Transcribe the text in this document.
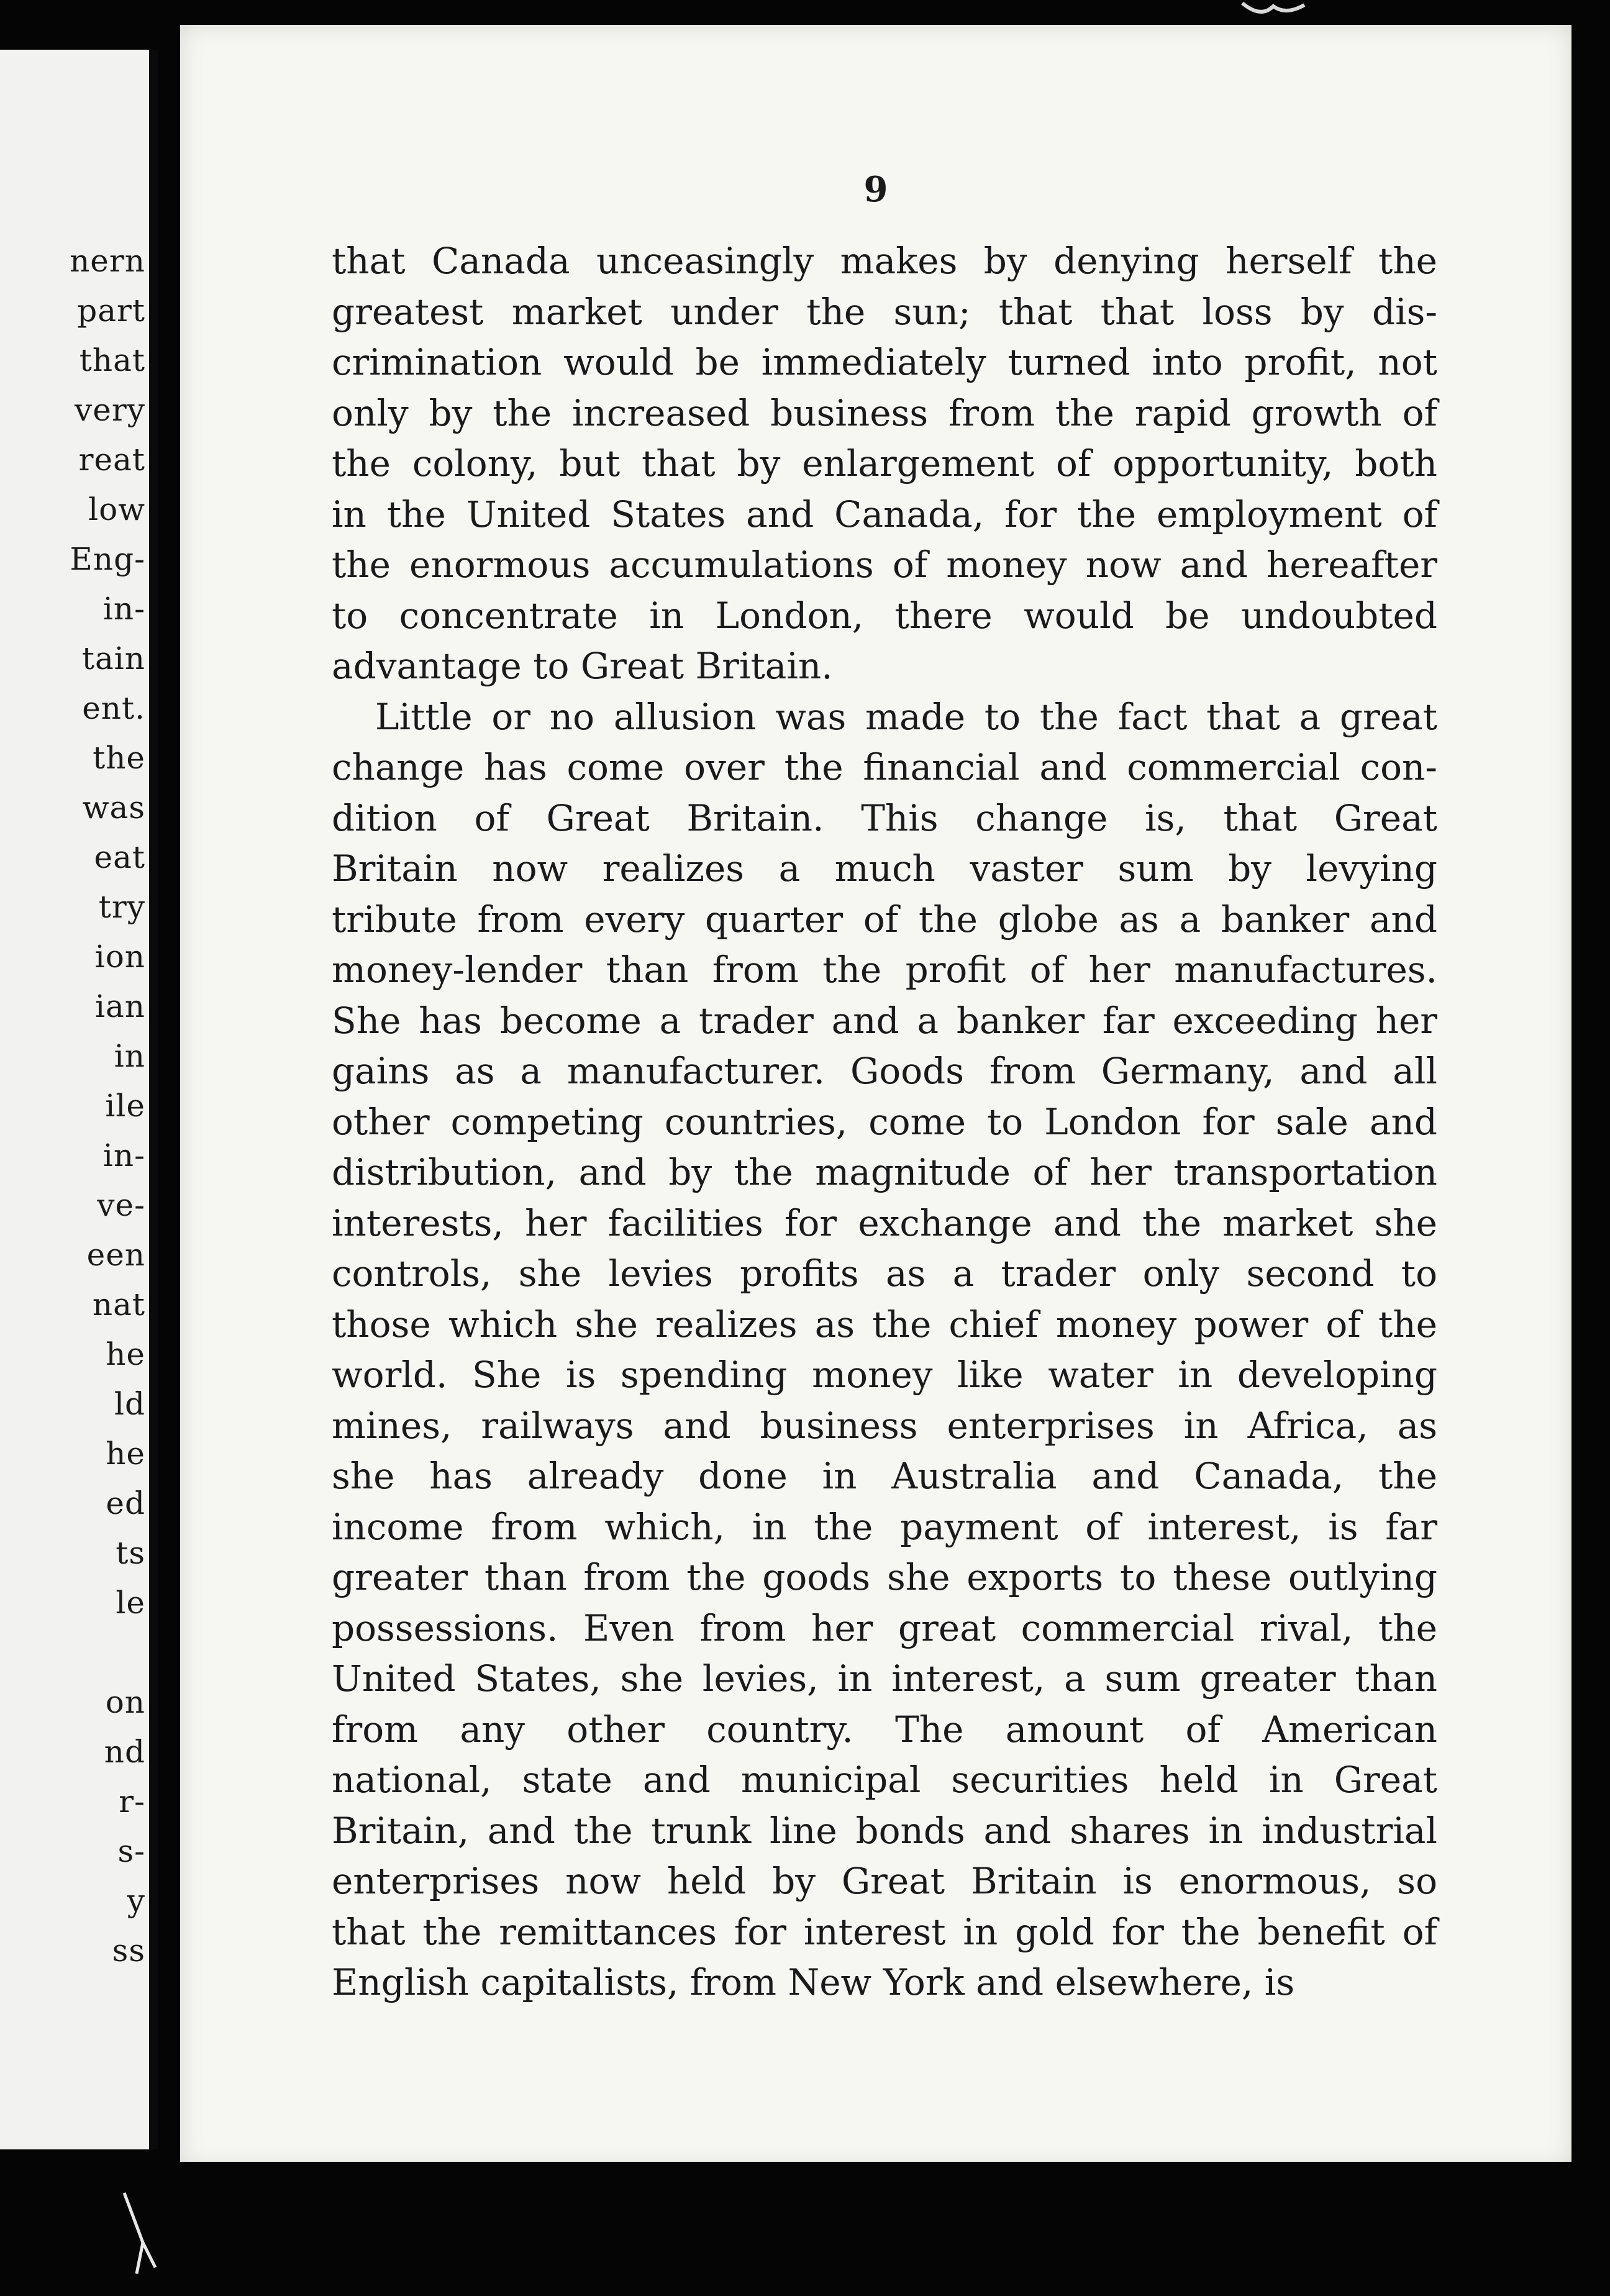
nern
part
that
very
reat
low
Eng-
in-
tain
ent.
the
was
eat
try
ion
ian
in
ile
in-
ve-
een
nat
he
ld
he
ed
ts
le

on
nd
r-
s-
y
ss
9

that Canada unceasingly makes by denying herself the
greatest market under the sun; that that loss by dis-
crimination would be immediately turned into profit, not
only by the increased business from the rapid growth of
the colony, but that by enlargement of opportunity, both
in the United States and Canada, for the employment of
the enormous accumulations of money now and hereafter
to concentrate in London, there would be undoubted
advantage to Great Britain.

Little or no allusion was made to the fact that a great
change has come over the financial and commercial con-
dition of Great Britain. This change is, that Great
Britain now realizes a much vaster sum by levying
tribute from every quarter of the globe as a banker and
money-lender than from the profit of her manufactures.
She has become a trader and a banker far exceeding her
gains as a manufacturer. Goods from Germany, and all
other competing countries, come to London for sale and
distribution, and by the magnitude of her transportation
interests, her facilities for exchange and the market she
controls, she levies profits as a trader only second to
those which she realizes as the chief money power of the
world. She is spending money like water in developing
mines, railways and business enterprises in Africa, as
she has already done in Australia and Canada, the
income from which, in the payment of interest, is far
greater than from the goods she exports to these outlying
possessions. Even from her great commercial rival, the
United States, she levies, in interest, a sum greater than
from any other country. The amount of American
national, state and municipal securities held in Great
Britain, and the trunk line bonds and shares in industrial
enterprises now held by Great Britain is enormous, so
that the remittances for interest in gold for the benefit of
English capitalists, from New York and elsewhere, is
